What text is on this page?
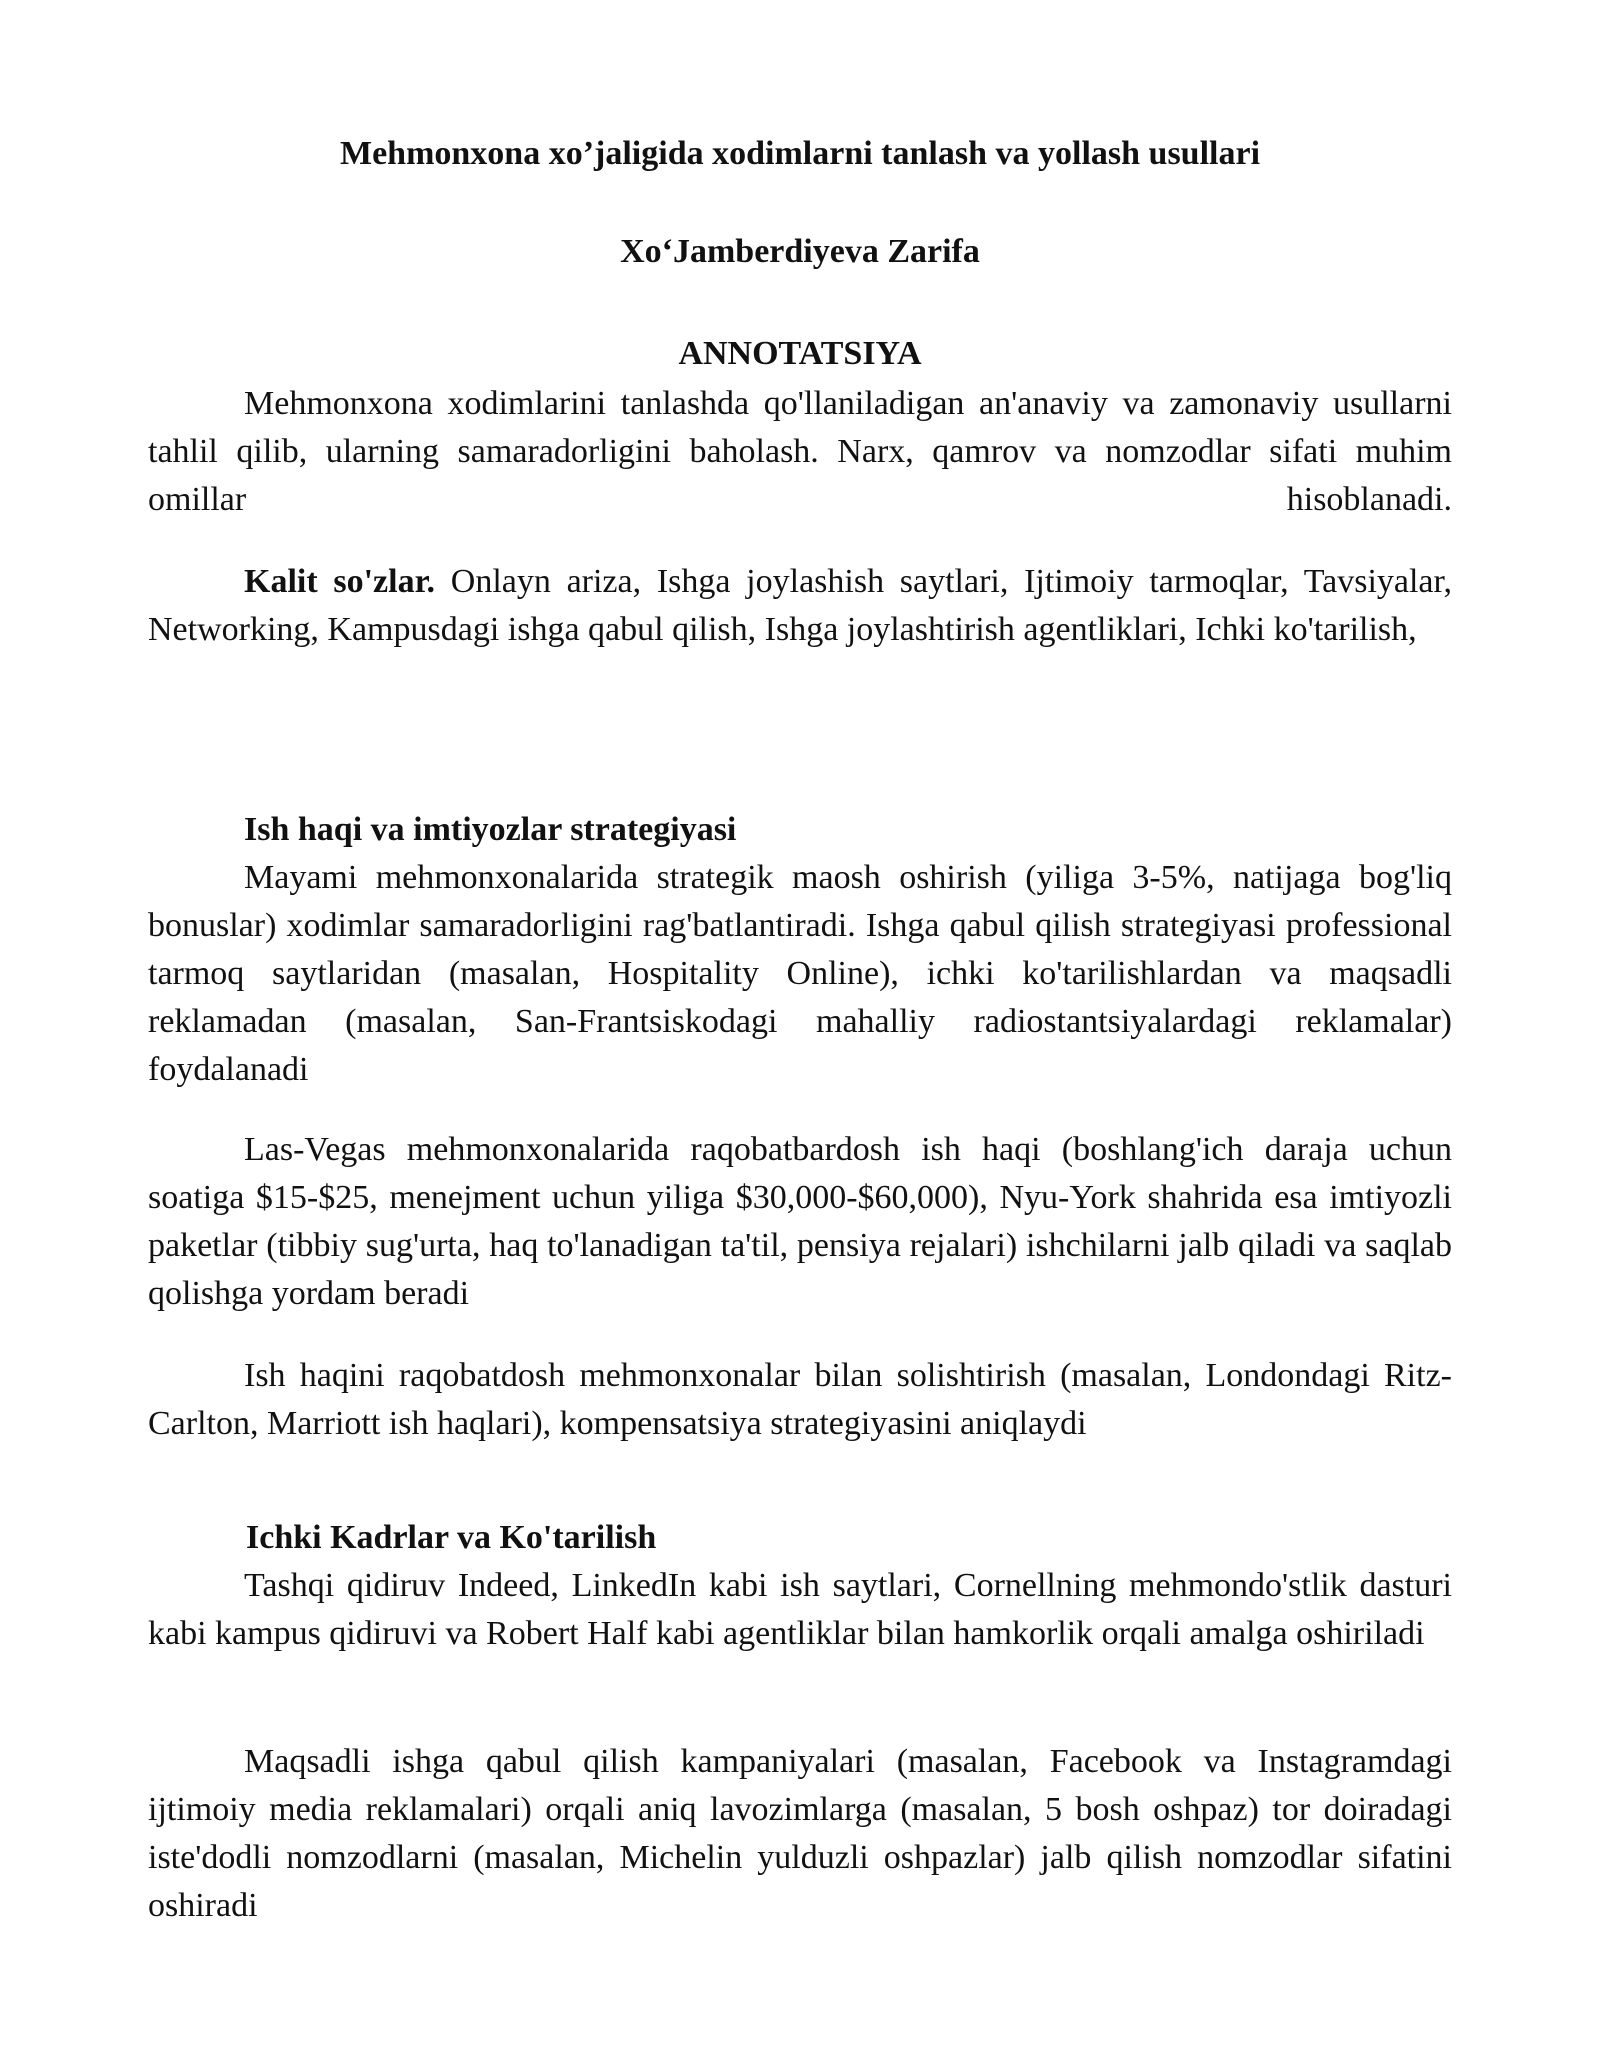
Mehmonxona xo’jaligida xodimlarni tanlash va yollash usullari
Xo‘Jamberdiyeva Zarifa
ANNOTATSIYA

Mehmonxona xodimlarini tanlashda qo'llaniladigan an'anaviy va zamonaviy usullarni tahlil qilib, ularning samaradorligini baholash. Narx, qamrov va nomzodlar sifati muhim omillar hisoblanadi.

Kalit so'zlar. Onlayn ariza, Ishga joylashish saytlari, Ijtimoiy tarmoqlar, Tavsiyalar, Networking, Kampusdagi ishga qabul qilish, Ishga joylashtirish agentliklari, Ichki ko'tarilish,

Ish haqi va imtiyozlar strategiyasi

Mayami mehmonxonalarida strategik maosh oshirish (yiliga 3-5%, natijaga bog'liq bonuslar) xodimlar samaradorligini rag'batlantiradi. Ishga qabul qilish strategiyasi professional tarmoq saytlaridan (masalan, Hospitality Online), ichki ko'tarilishlardan va maqsadli reklamadan (masalan, San-Frantsiskodagi mahalliy radiostantsiyalardagi reklamalar) foydalanadi

Las-Vegas mehmonxonalarida raqobatbardosh ish haqi (boshlang'ich daraja uchun soatiga $15-$25, menejment uchun yiliga $30,000-$60,000), Nyu-York shahrida esa imtiyozli paketlar (tibbiy sug'urta, haq to'lanadigan ta'til, pensiya rejalari) ishchilarni jalb qiladi va saqlab qolishga yordam beradi

Ish haqini raqobatdosh mehmonxonalar bilan solishtirish (masalan, Londondagi Ritz-Carlton, Marriott ish haqlari), kompensatsiya strategiyasini aniqlaydi

Ichki Kadrlar va Ko'tarilish

Tashqi qidiruv Indeed, LinkedIn kabi ish saytlari, Cornellning mehmondo'stlik dasturi kabi kampus qidiruvi va Robert Half kabi agentliklar bilan hamkorlik orqali amalga oshiriladi

Maqsadli ishga qabul qilish kampaniyalari (masalan, Facebook va Instagramdagi ijtimoiy media reklamalari) orqali aniq lavozimlarga (masalan, 5 bosh oshpaz) tor doiradagi iste'dodli nomzodlarni (masalan, Michelin yulduzli oshpazlar) jalb qilish nomzodlar sifatini oshiradi
